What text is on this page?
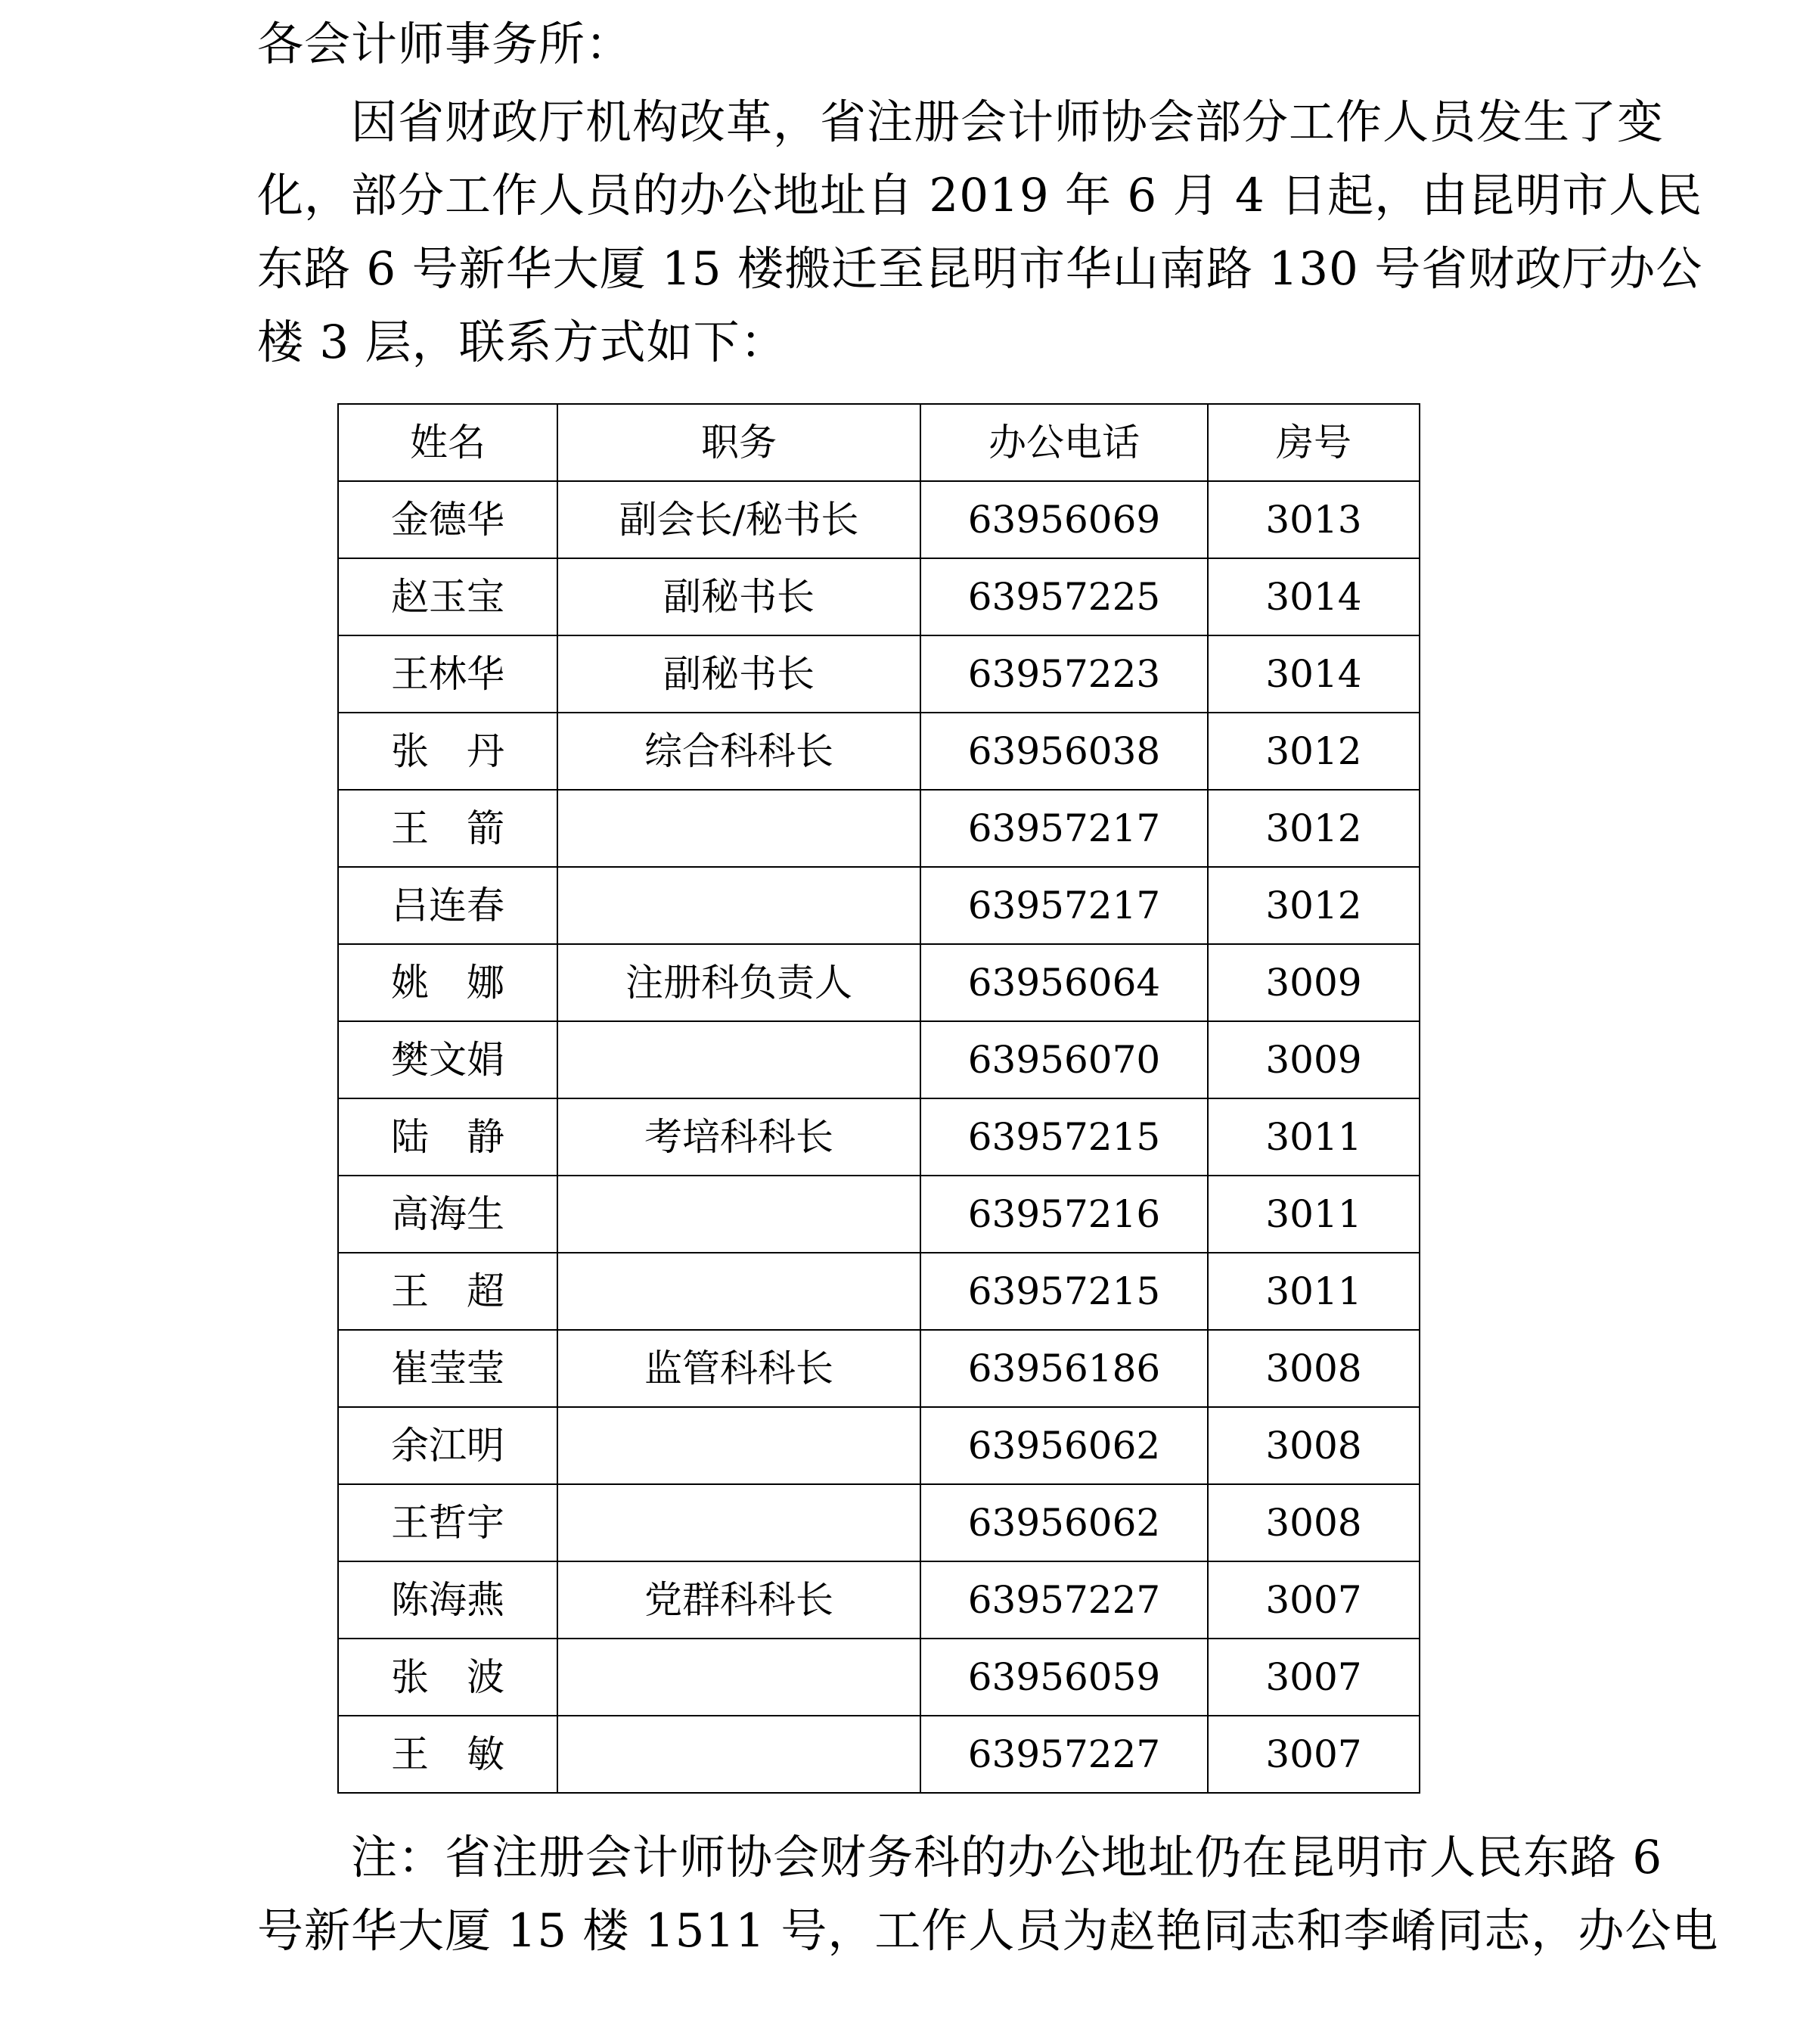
各会计师事务所：
因省财政厅机构改革，省注册会计师协会部分工作人员发生了变
化，部分工作人员的办公地址自 2019 年 6 月 4 日起，由昆明市人民
东路 6 号新华大厦 15 楼搬迁至昆明市华山南路 130 号省财政厅办公
楼 3 层，联系方式如下：
姓名	职务	办公电话	房号
金德华	副会长/秘书长	63956069	3013
赵玉宝	副秘书长	63957225	3014
王林华	副秘书长	63957223	3014
张　丹	综合科科长	63956038	3012
王　箭		63957217	3012
吕连春		63957217	3012
姚　娜	注册科负责人	63956064	3009
樊文娟		63956070	3009
陆　静	考培科科长	63957215	3011
高海生		63957216	3011
王　超		63957215	3011
崔莹莹	监管科科长	63956186	3008
余江明		63956062	3008
王哲宇		63956062	3008
陈海燕	党群科科长	63957227	3007
张　波		63956059	3007
王　敏		63957227	3007
注：省注册会计师协会财务科的办公地址仍在昆明市人民东路 6
号新华大厦 15 楼 1511 号，工作人员为赵艳同志和李崤同志，办公电
